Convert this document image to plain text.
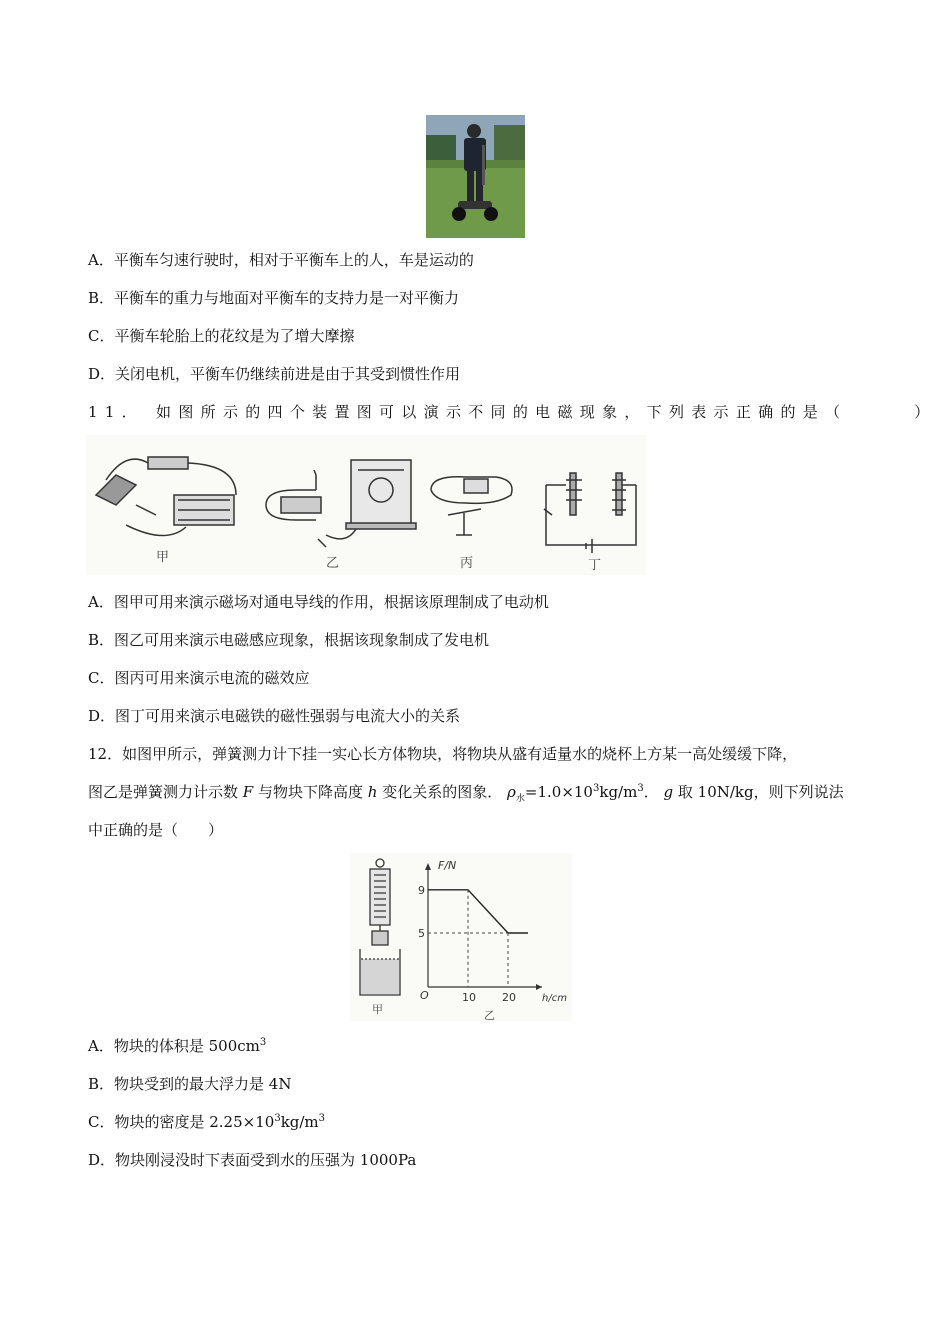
A．平衡车匀速行驶时，相对于平衡车上的人，车是运动的
B．平衡车的重力与地面对平衡车的支持力是一对平衡力
C．平衡车轮胎上的花纹是为了增大摩擦
D．关闭电机，平衡车仍继续前进是由于其受到惯性作用
11． 如图所示的四个装置图可以演示不同的电磁现象，下列表示正确的是（　　　）
甲	乙	丙	丁
A．图甲可用来演示磁场对通电导线的作用，根据该原理制成了电动机
B．图乙可用来演示电磁感应现象，根据该现象制成了发电机
C．图丙可用来演示电流的磁效应
D．图丁可用来演示电磁铁的磁性强弱与电流大小的关系
12．如图甲所示，弹簧测力计下挂一实心长方体物块，将物块从盛有适量水的烧杯上方某一高处缓缓下降，
图乙是弹簧测力计示数 F 与物块下降高度 h 变化关系的图象． $\rho_水=1.0\times 10^3kg/m^3$． g 取 10N/kg，则下列说法
中正确的是（　　）
甲	乙
F/N
h/cm
O	10 20
9
5
A．物块的体积是 $500cm^3$
B．物块受到的最大浮力是 4N
C．物块的密度是 $2.25\times 10^3kg/m^3$
D．物块刚浸没时下表面受到水的压强为 1000Pa
